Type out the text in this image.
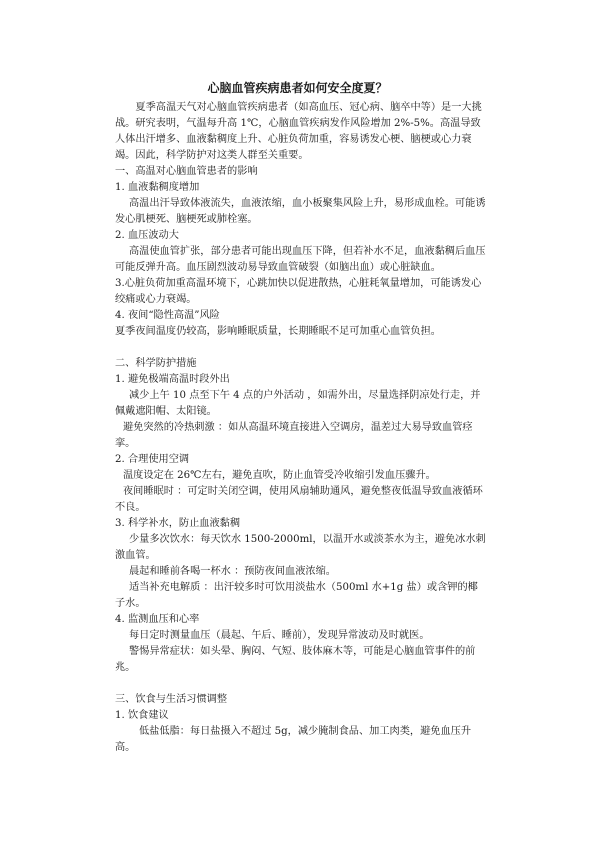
心脑血管疾病患者如何安全度夏？

夏季高温天气对心脑血管疾病患者（如高血压、冠心病、脑卒中等）是一大挑战。研究表明，气温每升高 1℃，心脑血管疾病发作风险增加 2%-5%。高温导致人体出汗增多、血液黏稠度上升、心脏负荷加重，容易诱发心梗、脑梗或心力衰竭。因此，科学防护对这类人群至关重要。

一、高温对心脑血管患者的影响

1. 血液黏稠度增加

高温出汗导致体液流失，血液浓缩，血小板聚集风险上升，易形成血栓。可能诱发心肌梗死、脑梗死或肺栓塞。

2. 血压波动大

高温使血管扩张，部分患者可能出现血压下降，但若补水不足，血液黏稠后血压可能反弹升高。血压剧烈波动易导致血管破裂（如脑出血）或心脏缺血。

3.心脏负荷加重高温环境下，心跳加快以促进散热，心脏耗氧量增加，可能诱发心绞痛或心力衰竭。

4. 夜间“隐性高温”风险

夏季夜间温度仍较高，影响睡眠质量，长期睡眠不足可加重心血管负担。

二、科学防护措施

1. 避免极端高温时段外出

减少上午 10 点至下午 4 点的户外活动 ，如需外出，尽量选择阴凉处行走，并佩戴遮阳帽、太阳镜。

避免突然的冷热刺激 ：如从高温环境直接进入空调房，温差过大易导致血管痉挛。

2. 合理使用空调

温度设定在 26℃左右，避免直吹，防止血管受冷收缩引发血压骤升。

夜间睡眠时 ：可定时关闭空调，使用风扇辅助通风，避免整夜低温导致血液循环不良。

3. 科学补水，防止血液黏稠

少量多次饮水：每天饮水 1500-2000ml，以温开水或淡茶水为主，避免冰水刺激血管。

晨起和睡前各喝一杯水 ：预防夜间血液浓缩。

适当补充电解质 ：出汗较多时可饮用淡盐水（500ml 水+1g 盐）或含钾的椰子水。

4. 监测血压和心率

每日定时测量血压（晨起、午后、睡前），发现异常波动及时就医。

警惕异常症状：如头晕、胸闷、气短、肢体麻木等，可能是心脑血管事件的前兆。

三、饮食与生活习惯调整

1. 饮食建议

低盐低脂：每日盐摄入不超过 5g，减少腌制食品、加工肉类，避免血压升高。
